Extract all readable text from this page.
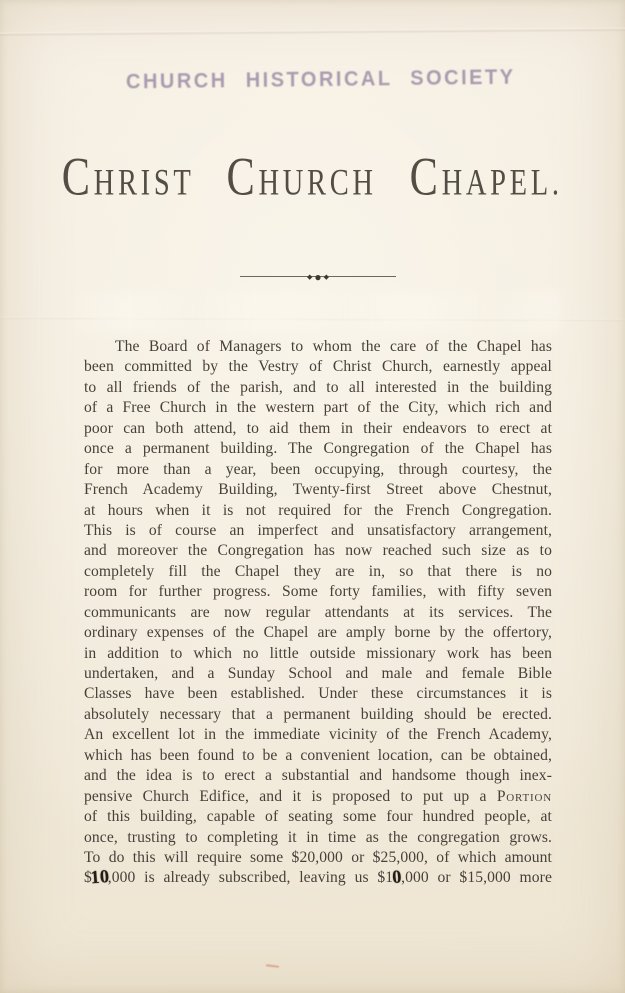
CHURCH HISTORICAL SOCIETY
C HRIST C HURCH C HAPEL.
◆ ● ◆
The Board of Managers to whom the care of the Chapel has
been committed by the Vestry of Christ Church, earnestly appeal
to all friends of the parish, and to all interested in the building
of a Free Church in the western part of the City, which rich and
poor can both attend, to aid them in their endeavors to erect at
once a permanent building. The Congregation of the Chapel has
for more than a year, been occupying, through courtesy, the
French Academy Building, Twenty-first Street above Chestnut,
at hours when it is not required for the French Congregation.
This is of course an imperfect and unsatisfactory arrangement,
and moreover the Congregation has now reached such size as to
completely fill the Chapel they are in, so that there is no
room for further progress. Some forty families, with fifty seven
communicants are now regular attendants at its services. The
ordinary expenses of the Chapel are amply borne by the offertory,
in addition to which no little outside missionary work has been
undertaken, and a Sunday School and male and female Bible
Classes have been established. Under these circumstances it is
absolutely necessary that a permanent building should be erected.
An excellent lot in the immediate vicinity of the French Academy,
which has been found to be a convenient location, can be obtained,
and the idea is to erect a substantial and handsome though inex-
pensive Church Edifice, and it is proposed to put up a Portion
of this building, capable of seating some four hundred people, at
once, trusting to completing it in time as the congregation grows.
To do this will require some $20,000 or $25,000, of which amount
$10,000 is already subscribed, leaving us $10,000 or $15,000 more
